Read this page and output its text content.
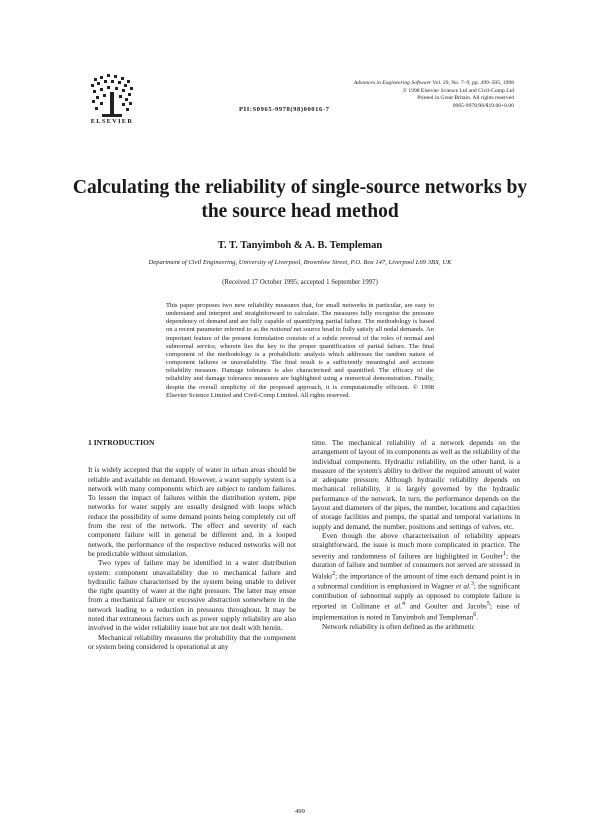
ELSEVIER
PII:S0965-9978(98)00016-7
Advances in Engineering Software Vol. 29, No. 7–9, pp. 499–505, 1998
© 1998 Elsevier Science Ltd and Civil-Comp Ltd
Printed in Great Britain. All rights reserved
0965-9978/98/$19.00+0.00
Calculating the reliability of single-source networks by the source head method

T. T. Tanyimboh & A. B. Templeman

Department of Civil Engineering, University of Liverpool, Brownlow Street, P.O. Box 147, Liverpool L69 3BX, UK

(Received 17 October 1995; accepted 1 September 1997)

This paper proposes two new reliability measures that, for small networks in particular, are easy to understand and interpret and straightforward to calculate. The measures fully recognise the pressure dependency of demand and are fully capable of quantifying partial failure. The methodology is based on a recent parameter referred to as the notional net source head to fully satisfy all nodal demands. An important feature of the present formulation consists of a subtle reversal of the roles of normal and subnormal service, wherein lies the key to the proper quantification of partial failure. The final component of the methodology is a probabilistic analysis which addresses the random nature of component failures or unavailability. The final result is a sufficiently meaningful and accurate reliability measure. Damage tolerance is also characterised and quantified. The efficacy of the reliability and damage tolerance measures are highlighted using a numerical demonstration. Finally, despite the overall simplicity of the proposed approach, it is computationally efficient. © 1998 Elsevier Science Limited and Civil-Comp Limited. All rights reserved.

1 INTRODUCTION

It is widely accepted that the supply of water in urban areas should be reliable and available on demand. However, a water supply system is a network with many components which are subject to random failures. To lessen the impact of failures within the distribution system, pipe networks for water supply are usually designed with loops which reduce the possibility of some demand points being completely cut off from the rest of the network. The effect and severity of each component failure will in general be different and, in a looped network, the performance of the respective reduced networks will not be predictable without simulation.

Two types of failure may be identified in a water distribution system: component unavailability due to mechanical failure and hydraulic failure characterised by the system being unable to deliver the right quantity of water at the right pressure. The latter may ensue from a mechanical failure or excessive abstraction somewhere in the network leading to a reduction in pressures throughout. It may be noted that extraneous factors such as power supply reliability are also involved in the wider reliability issue but are not dealt with herein.

Mechanical reliability measures the probability that the component or system being considered is operational at any

time. The mechanical reliability of a network depends on the arrangement of layout of its components as well as the reliability of the individual components. Hydraulic reliability, on the other hand, is a measure of the system's ability to deliver the required amount of water at adequate pressure. Although hydraulic reliability depends on mechanical reliability, it is largely governed by the hydraulic performance of the network. In turn, the performance depends on the layout and diameters of the pipes, the number, locations and capacities of storage facilities and pumps, the spatial and temporal variations in supply and demand, the number, positions and settings of valves, etc.

Even though the above characterisation of reliability appears straightforward, the issue is much more complicated in practice. The severity and randomness of failures are highlighted in Goulter$^1$; the duration of failure and number of consumers not served are stressed in Walski$^2$; the importance of the amount of time each demand point is in a subnormal condition is emphasised in Wagner et al.$^3$; the significant contribution of subnormal supply as opposed to complete failure is reported in Cullinane et al.$^4$ and Goulter and Jacobs$^5$; ease of implementation is noted in Tanyimboh and Templeman$^6$.

Network reliability is often defined as the arithmetic

499
